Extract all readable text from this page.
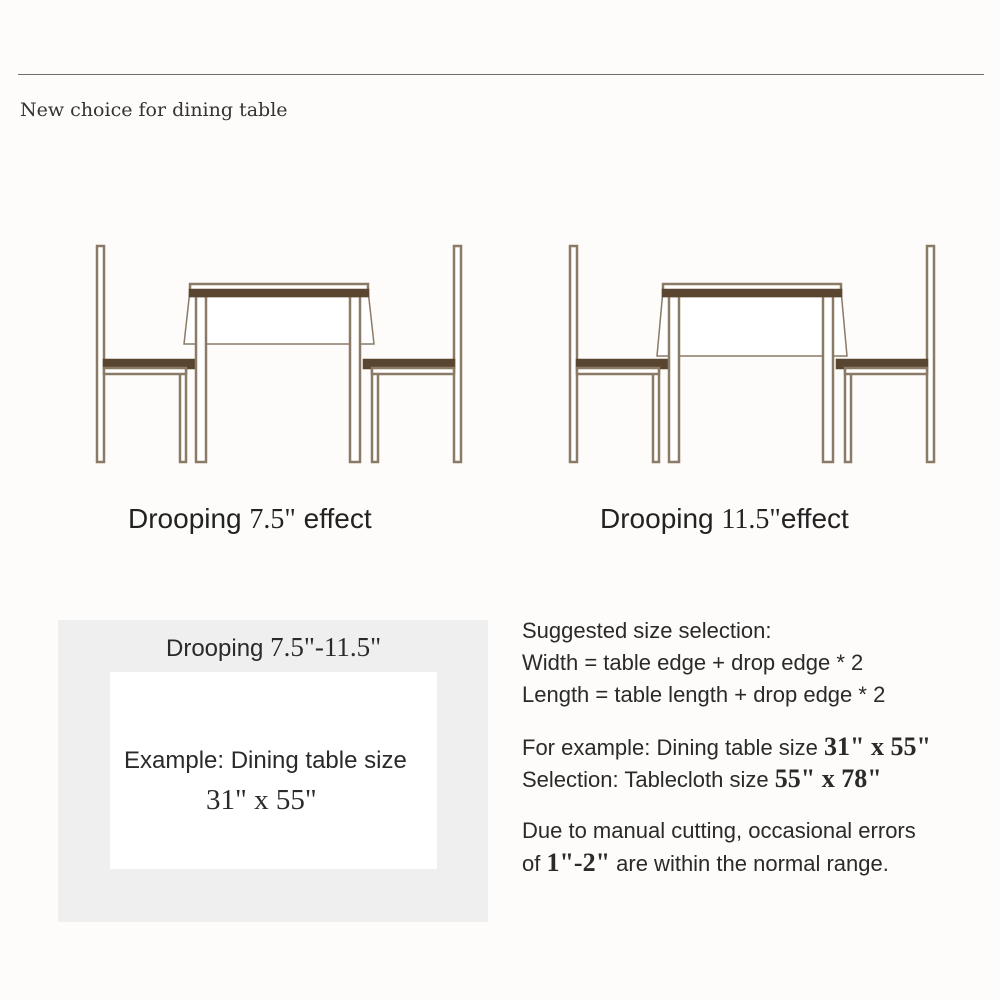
New choice for dining table
Drooping 7.5" effect	Drooping 11.5"effect
Drooping 7.5"-11.5"
Example: Dining table size
31" x 55"
Suggested size selection:
Width = table edge + drop edge * 2
Length = table length + drop edge * 2
For example: Dining table size 31" x 55"
Selection: Tablecloth size 55" x 78"
Due to manual cutting, occasional errors
of 1"-2" are within the normal range.
